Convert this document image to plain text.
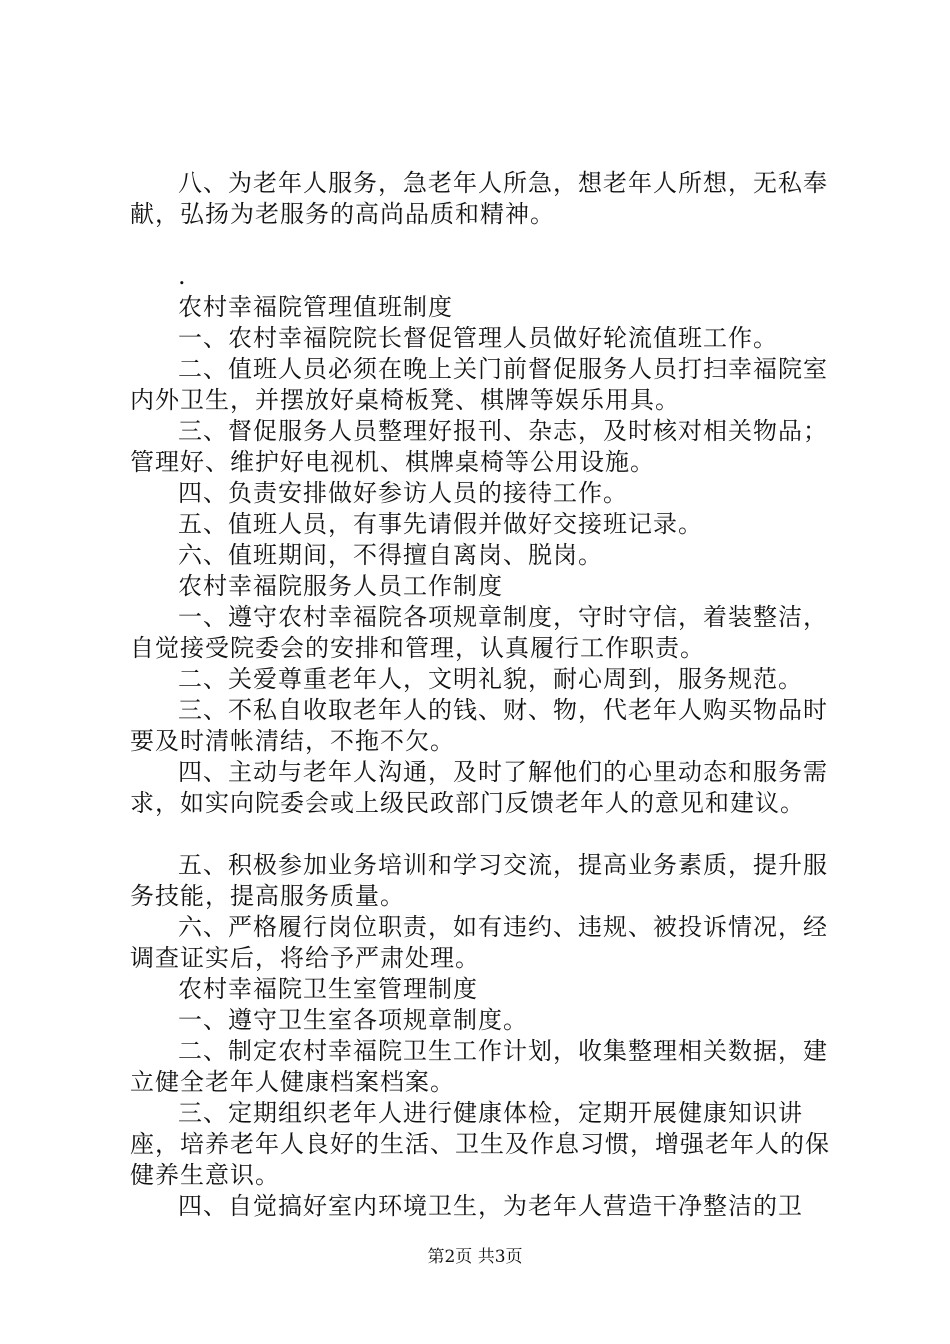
八、为老年人服务，急老年人所急，想老年人所想，无私奉献，弘扬为老服务的高尚品质和精神。

.

农村幸福院管理值班制度

一、农村幸福院院长督促管理人员做好轮流值班工作。

二、值班人员必须在晚上关门前督促服务人员打扫幸福院室内外卫生，并摆放好桌椅板凳、棋牌等娱乐用具。

三、督促服务人员整理好报刊、杂志，及时核对相关物品；管理好、维护好电视机、棋牌桌椅等公用设施。

四、负责安排做好参访人员的接待工作。

五、值班人员，有事先请假并做好交接班记录。

六、值班期间，不得擅自离岗、脱岗。

农村幸福院服务人员工作制度

一、遵守农村幸福院各项规章制度，守时守信，着装整洁，自觉接受院委会的安排和管理，认真履行工作职责。

二、关爱尊重老年人，文明礼貌，耐心周到，服务规范。

三、不私自收取老年人的钱、财、物，代老年人购买物品时要及时清帐清结，不拖不欠。

四、主动与老年人沟通，及时了解他们的心里动态和服务需求，如实向院委会或上级民政部门反馈老年人的意见和建议。

五、积极参加业务培训和学习交流，提高业务素质，提升服务技能，提高服务质量。

六、严格履行岗位职责，如有违约、违规、被投诉情况，经调查证实后，将给予严肃处理。

农村幸福院卫生室管理制度

一、遵守卫生室各项规章制度。

二、制定农村幸福院卫生工作计划，收集整理相关数据，建立健全老年人健康档案档案。

三、定期组织老年人进行健康体检，定期开展健康知识讲座，培养老年人良好的生活、卫生及作息习惯，增强老年人的保健养生意识。

四、自觉搞好室内环境卫生，为老年人营造干净整洁的卫

第2页 共3页
